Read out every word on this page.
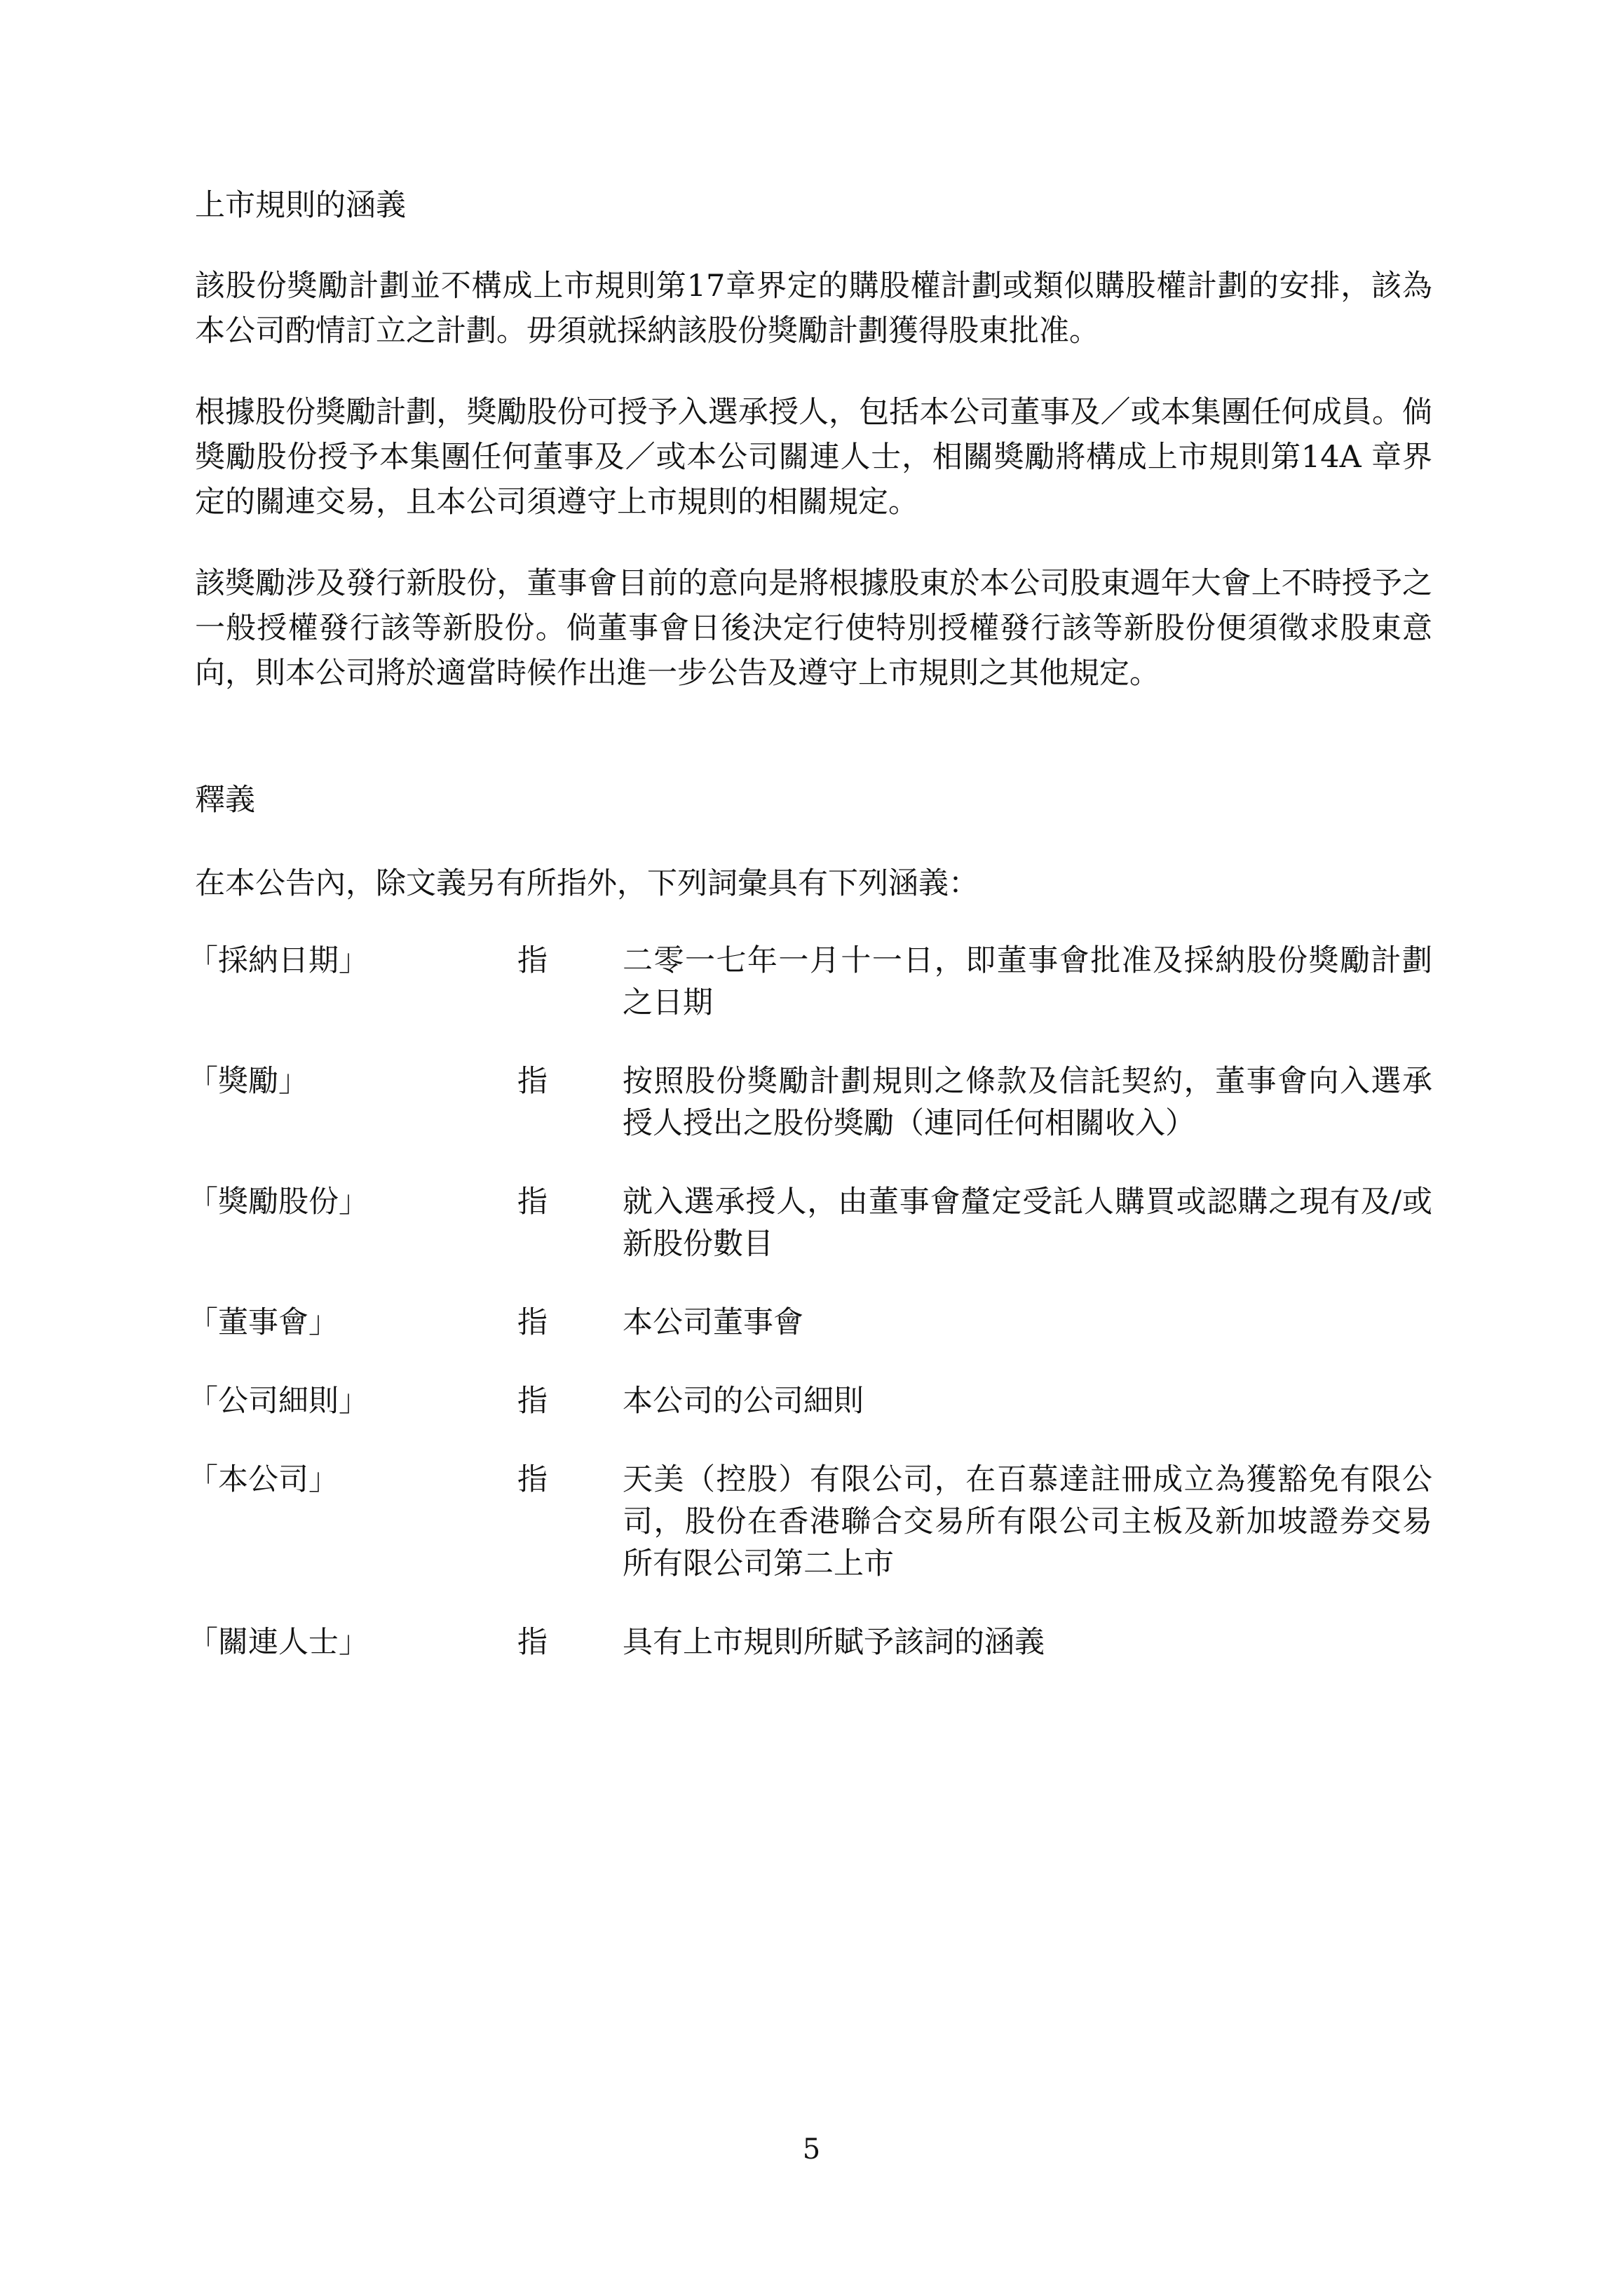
上市規則的涵義

該股份獎勵計劃並不構成上市規則第17章界定的購股權計劃或類似購股權計劃的安排，該為本公司酌情訂立之計劃。毋須就採納該股份獎勵計劃獲得股東批准。

根據股份獎勵計劃，獎勵股份可授予入選承授人，包括本公司董事及／或本集團任何成員。倘獎勵股份授予本集團任何董事及／或本公司關連人士，相關獎勵將構成上市規則第14A 章界定的關連交易，且本公司須遵守上市規則的相關規定。

該獎勵涉及發行新股份，董事會目前的意向是將根據股東於本公司股東週年大會上不時授予之一般授權發行該等新股份。倘董事會日後決定行使特別授權發行該等新股份便須徵求股東意向，則本公司將於適當時候作出進一步公告及遵守上市規則之其他規定。

釋義

在本公告內，除文義另有所指外，下列詞彙具有下列涵義：

「採納日期」	指	二零一七年一月十一日，即董事會批准及採納股份獎勵計劃之日期
「獎勵」	指	按照股份獎勵計劃規則之條款及信託契約，董事會向入選承授人授出之股份獎勵（連同任何相關收入）
「獎勵股份」	指	就入選承授人，由董事會釐定受託人購買或認購之現有及/或新股份數目
「董事會」	指	本公司董事會
「公司細則」	指	本公司的公司細則
「本公司」	指	天美（控股）有限公司，在百慕達註冊成立為獲豁免有限公司，股份在香港聯合交易所有限公司主板及新加坡證券交易所有限公司第二上市
「關連人士」	指	具有上市規則所賦予該詞的涵義
5
